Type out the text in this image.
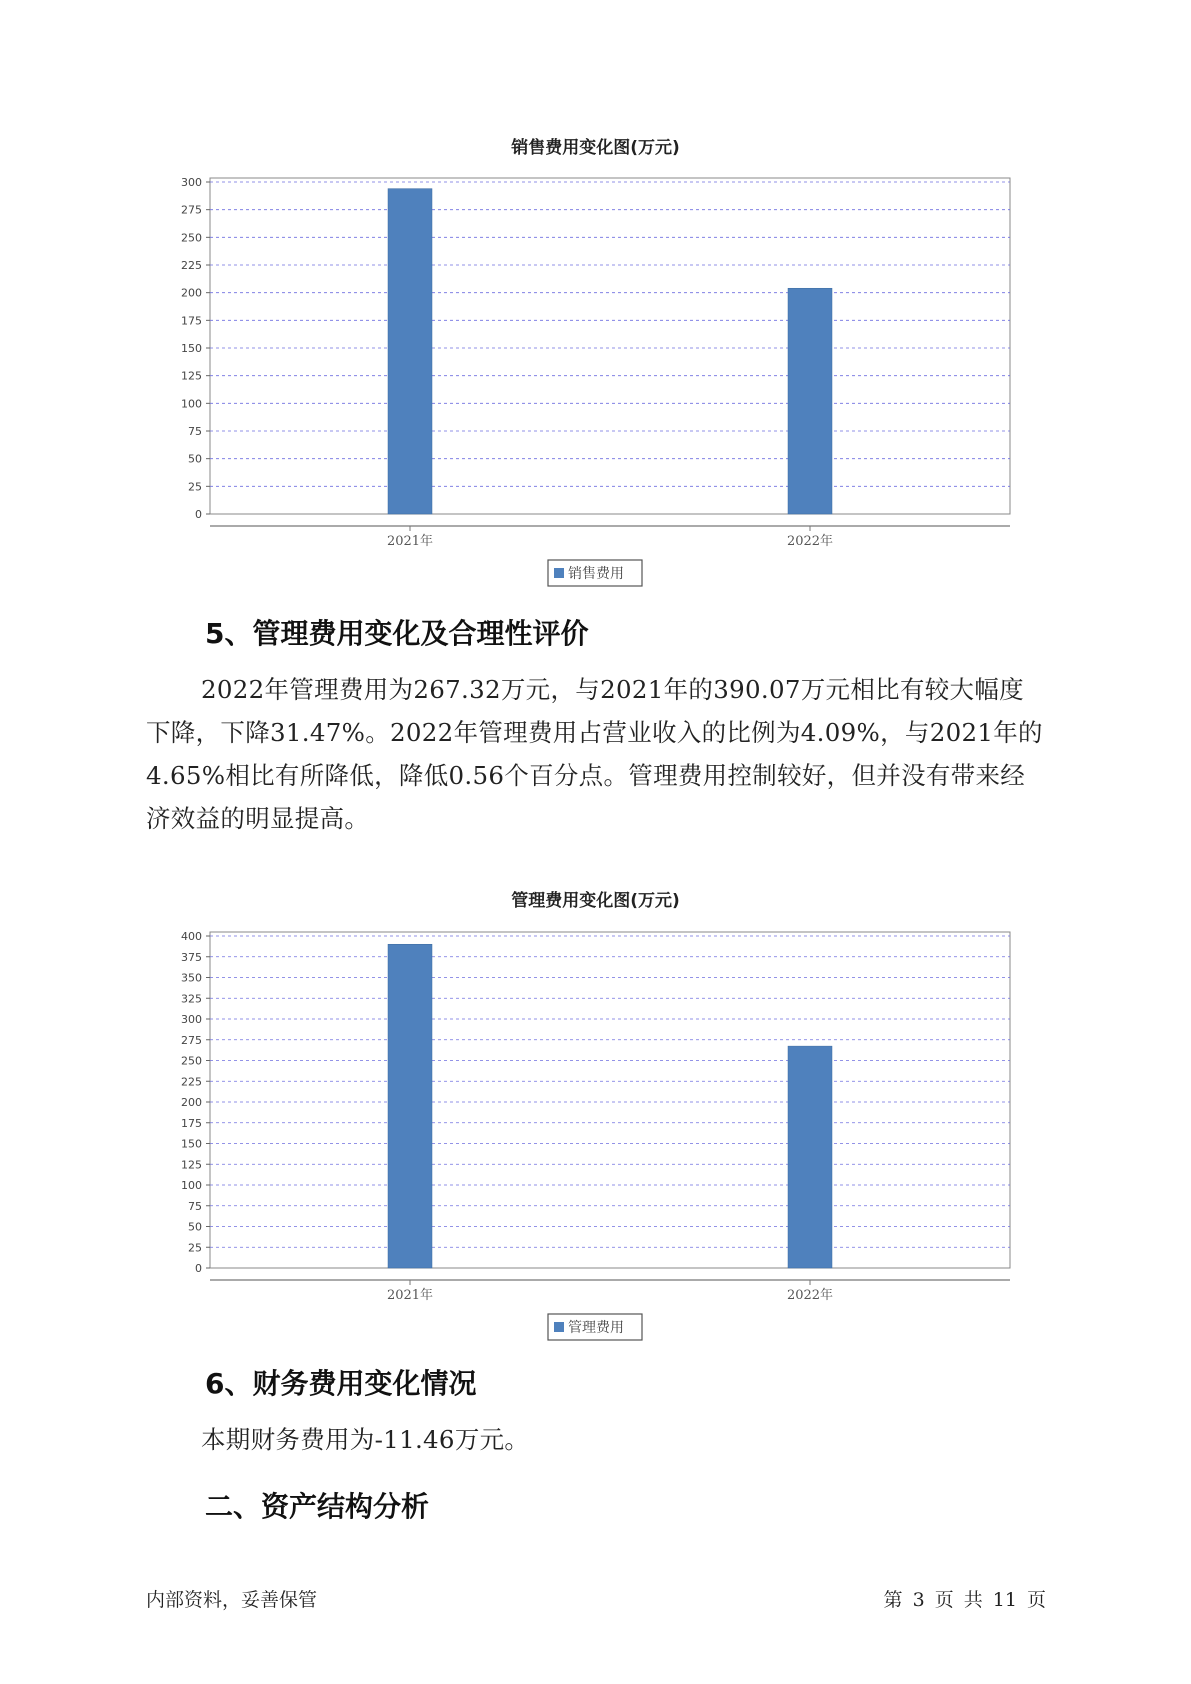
销售费用变化图(万元)
0
25
50
75
100
125
150
175
200
225
250
275
300
2021年	2022年
销售费用
5、管理费用变化及合理性评价
2022年管理费用为267.32万元，与2021年的390.07万元相比有较大幅度下降，下降31.47%。2022年管理费用占营业收入的比例为4.09%，与2021年的4.65%相比有所降低，降低0.56个百分点。管理费用控制较好，但并没有带来经济效益的明显提高。
管理费用变化图(万元)
0
25
50
75
100
125
150
175
200
225
250
275
300
325
350
375
400
2021年	2022年
管理费用
6、财务费用变化情况
本期财务费用为-11.46万元。
二、资产结构分析
内部资料，妥善保管	第 3 页 共 11 页
